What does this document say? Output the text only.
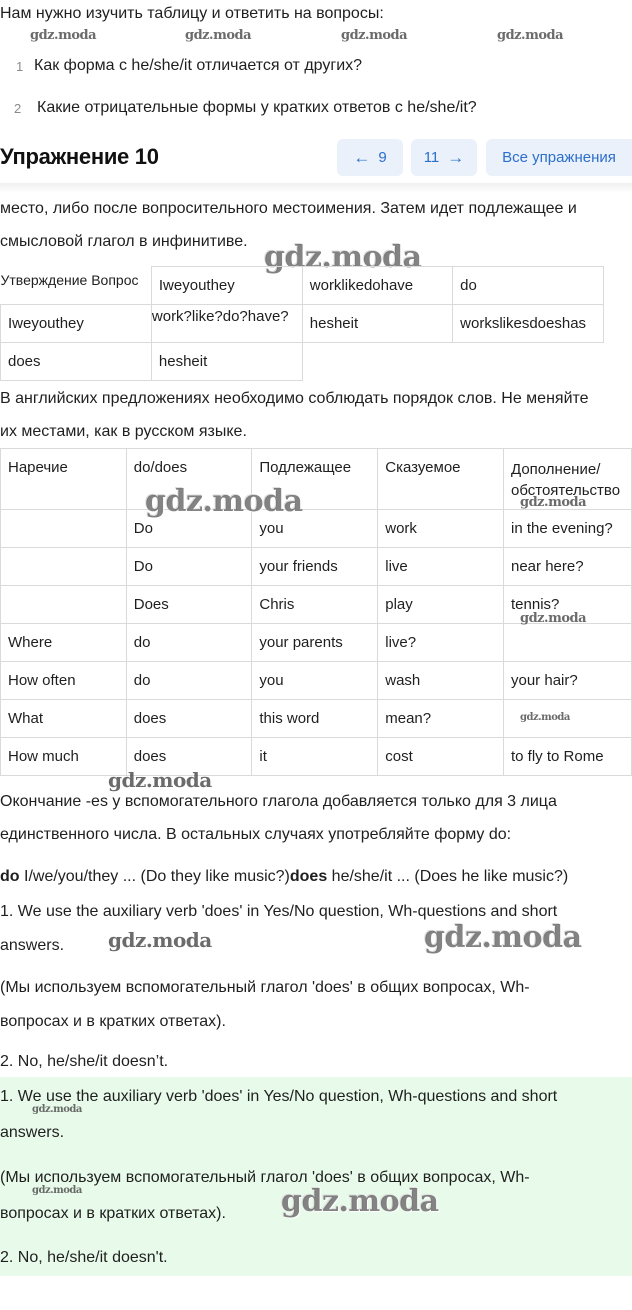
Нам нужно изучить таблицу и ответить на вопросы:
gdz.moda	gdz.moda	gdz.moda	gdz.moda
1 Как форма с he/she/it отличается от других?
2 Какие отрицательные формы у кратких ответов с he/she/it?
Упражнение 10	← 9 11 →	Все упражнения
место, либо после вопросительного местоимения. Затем идет подлежащее и
смысловой глагол в инфинитиве. gdz.moda
Утверждение Вопрос	Iweyouthey	worklikedohave	do
Iweyouthey	work?like?do?have?	hesheit	workslikesdoeshas
does	hesheit		
В английских предложениях необходимо соблюдать порядок слов. Не меняйте
их местами, как в русском языке.
Наречие	do/does	Подлежащее	Сказуемое	Дополнение/ обстоятельство
	Do	you	work	in the evening?
	Do	your friends	live	near here?
	Does	Chris	play	tennis?
Where	do	your parents	live?	
How often	do	you	wash	your hair?
What	does	this word	mean?	
How much	does	it	cost	to fly to Rome
gdz.moda	gdz.moda
gdz.moda
gdz.moda
gdz.moda
Окончание -es у вспомогательного глагола добавляется только для 3 лица
единственного числа. В остальных случаях употребляйте форму do:
do I/we/you/they ... (Do they like music?)does he/she/it ... (Does he like music?)
1. We use the auxiliary verb 'does' in Yes/No question, Wh-questions and short
answers. gdz.moda	gdz.moda
(Мы используем вспомогательный глагол 'does' в общих вопросах, Wh-
вопросах и в кратких ответах).
2. No, he/she/it doesn’t.
1. We use the auxiliary verb 'does' in Yes/No question, Wh-questions and short
gdz.moda
answers.
(Мы используем вспомогательный глагол 'does' в общих вопросах, Wh-
gdz.moda
вопросах и в кратких ответах). gdz.moda
2. No, he/she/it doesn't.
